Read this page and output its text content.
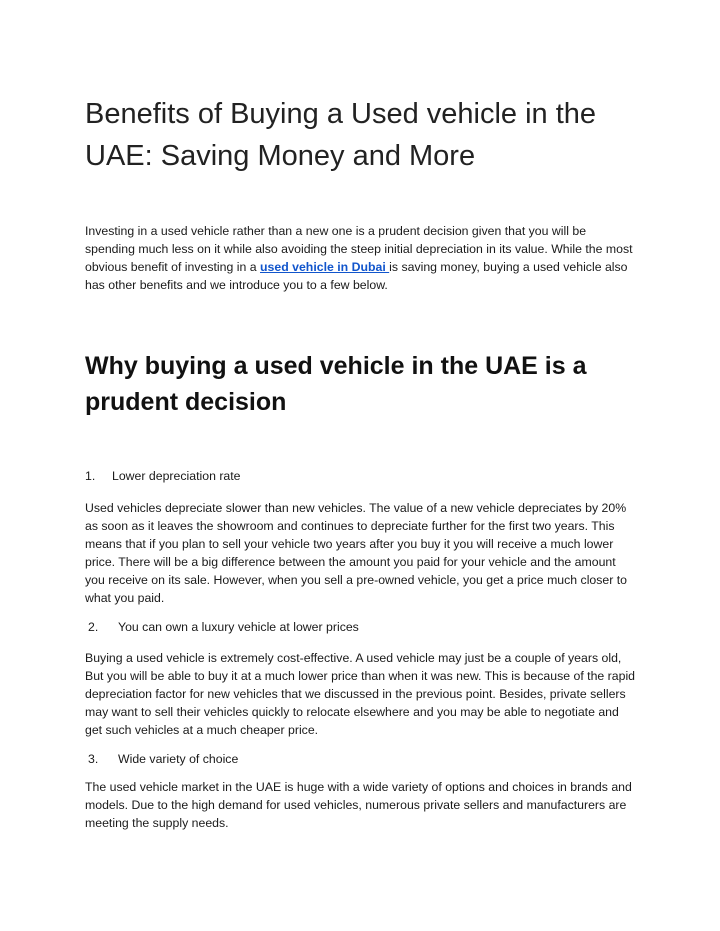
Benefits of Buying a Used vehicle in the UAE: Saving Money and More

Investing in a used vehicle rather than a new one is a prudent decision given that you will be spending much less on it while also avoiding the steep initial depreciation in its value. While the most obvious benefit of investing in a used vehicle in Dubai is saving money, buying a used vehicle also has other benefits and we introduce you to a few below.

Why buying a used vehicle in the UAE is a prudent decision

1. Lower depreciation rate

Used vehicles depreciate slower than new vehicles. The value of a new vehicle depreciates by 20% as soon as it leaves the showroom and continues to depreciate further for the first two years. This means that if you plan to sell your vehicle two years after you buy it you will receive a much lower price. There will be a big difference between the amount you paid for your vehicle and the amount you receive on its sale. However, when you sell a pre-owned vehicle, you get a price much closer to what you paid.

2. You can own a luxury vehicle at lower prices

Buying a used vehicle is extremely cost-effective. A used vehicle may just be a couple of years old, But you will be able to buy it at a much lower price than when it was new. This is because of the rapid depreciation factor for new vehicles that we discussed in the previous point. Besides, private sellers may want to sell their vehicles quickly to relocate elsewhere and you may be able to negotiate and get such vehicles at a much cheaper price.

3. Wide variety of choice

The used vehicle market in the UAE is huge with a wide variety of options and choices in brands and models. Due to the high demand for used vehicles, numerous private sellers and manufacturers are meeting the supply needs.
